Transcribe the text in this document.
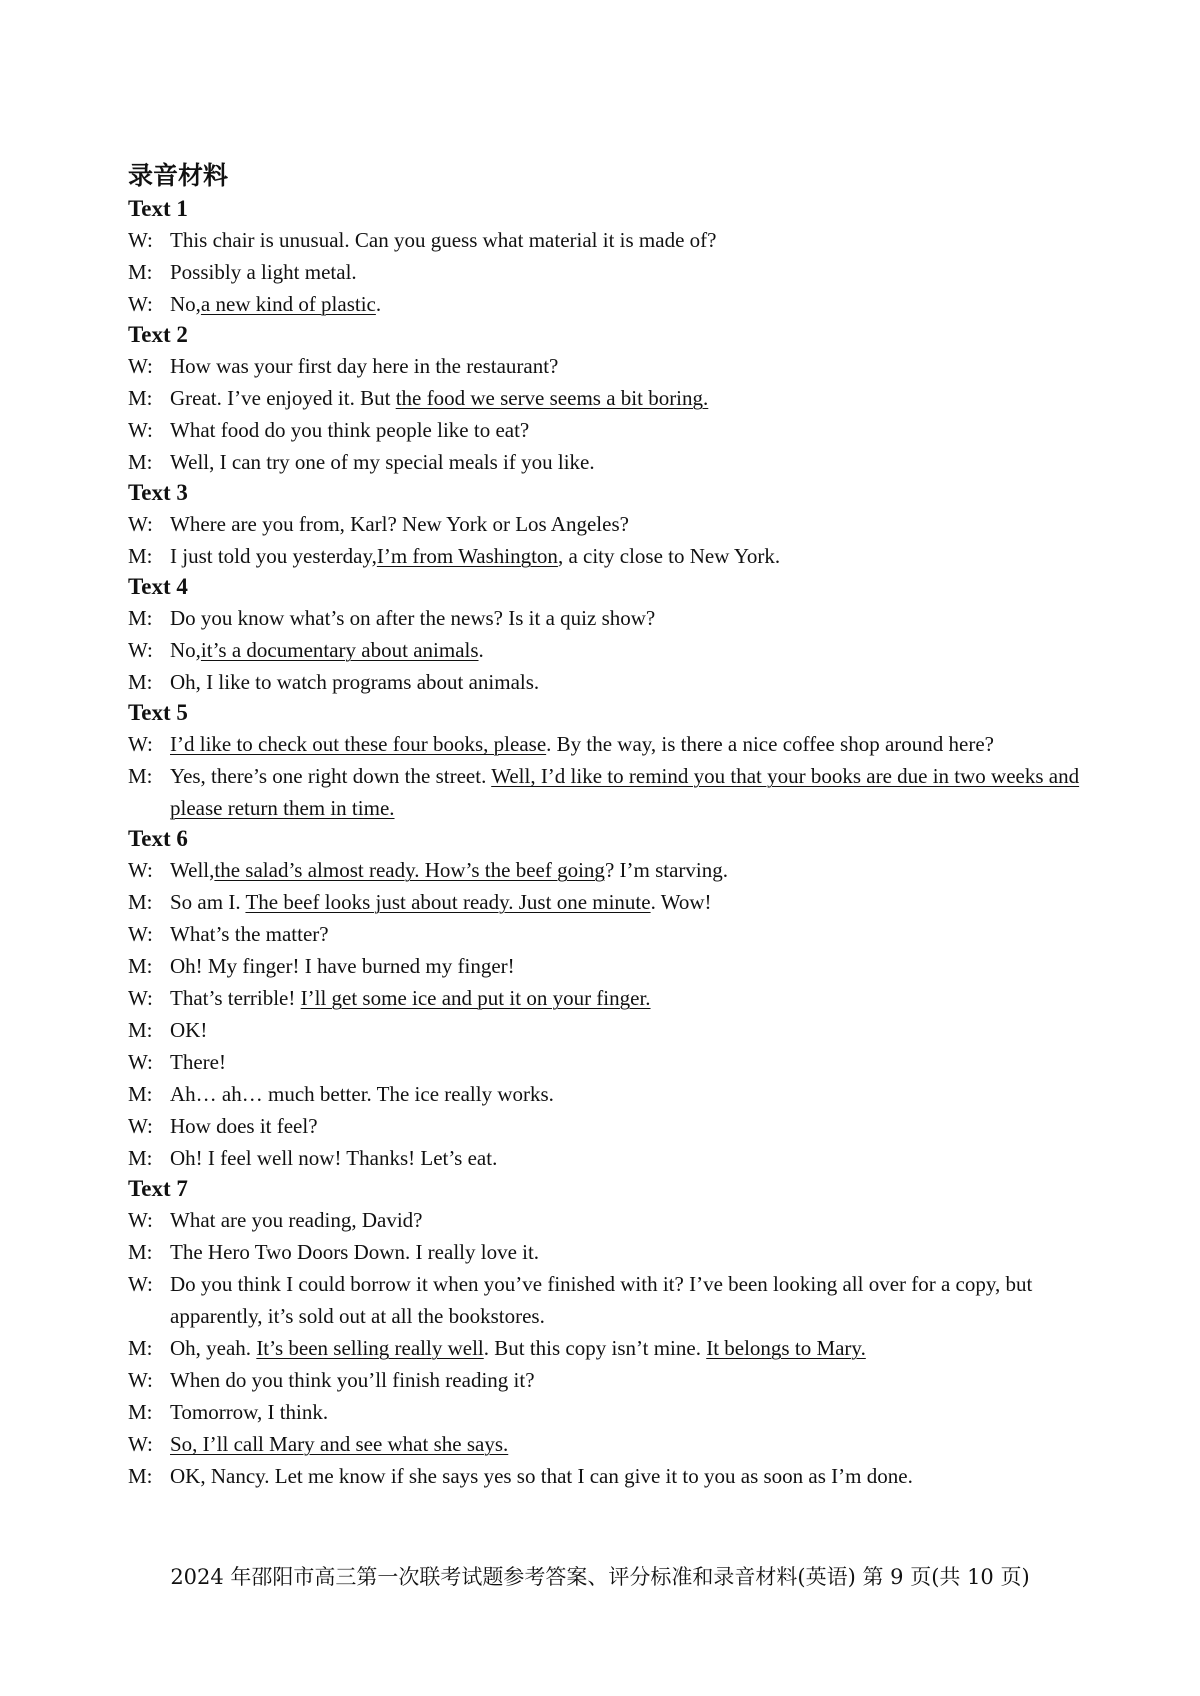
录音材料
Text 1
W: This chair is unusual. Can you guess what material it is made of?
M: Possibly a light metal.
W: No,a new kind of plastic.
Text 2
W: How was your first day here in the restaurant?
M: Great. I’ve enjoyed it. But the food we serve seems a bit boring.
W: What food do you think people like to eat?
M: Well, I can try one of my special meals if you like.
Text 3
W: Where are you from, Karl? New York or Los Angeles?
M: I just told you yesterday,I’m from Washington, a city close to New York.
Text 4
M: Do you know what’s on after the news? Is it a quiz show?
W: No,it’s a documentary about animals.
M: Oh, I like to watch programs about animals.
Text 5
W: I’d like to check out these four books, please. By the way, is there a nice coffee shop around here?
M: Yes, there’s one right down the street. Well, I’d like to remind you that your books are due in two weeks and please return them in time.
Text 6
W: Well,the salad’s almost ready. How’s the beef going? I’m starving.
M: So am I. The beef looks just about ready. Just one minute. Wow!
W: What’s the matter?
M: Oh! My finger! I have burned my finger!
W: That’s terrible! I’ll get some ice and put it on your finger.
M: OK!
W: There!
M: Ah… ah… much better. The ice really works.
W: How does it feel?
M: Oh! I feel well now! Thanks! Let’s eat.
Text 7
W: What are you reading, David?
M: The Hero Two Doors Down. I really love it.
W: Do you think I could borrow it when you’ve finished with it? I’ve been looking all over for a copy, but apparently, it’s sold out at all the bookstores.
M: Oh, yeah. It’s been selling really well. But this copy isn’t mine. It belongs to Mary.
W: When do you think you’ll finish reading it?
M: Tomorrow, I think.
W: So, I’ll call Mary and see what she says.
M: OK, Nancy. Let me know if she says yes so that I can give it to you as soon as I’m done.
2024 年邵阳市高三第一次联考试题参考答案、评分标准和录音材料(英语) 第 9 页(共 10 页)
